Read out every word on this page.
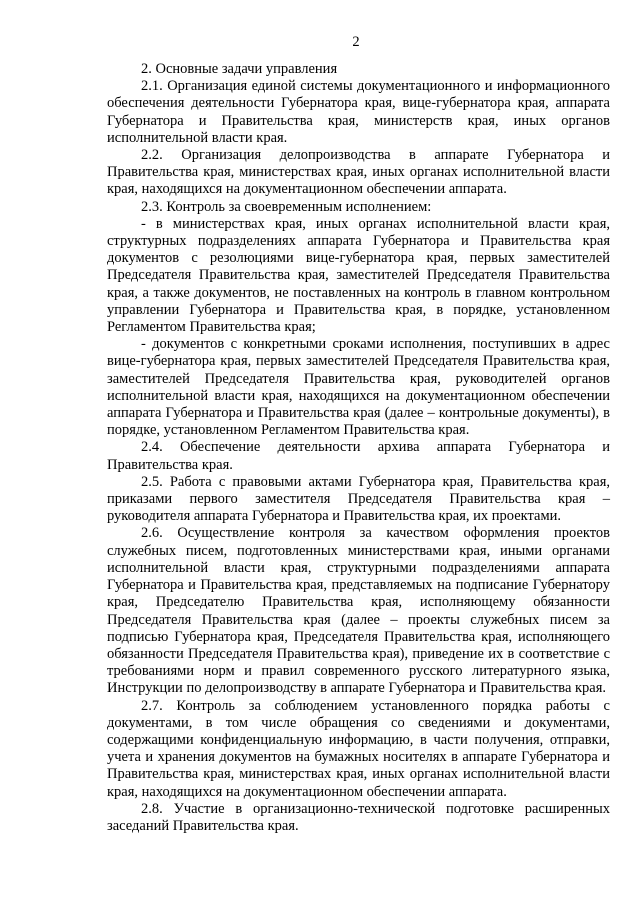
2

2. Основные задачи управления

2.1. Организация единой системы документационного и информационного обеспечения деятельности Губернатора края, вице-губернатора края, аппарата Губернатора и Правительства края, министерств края, иных органов исполнительной власти края.

2.2. Организация делопроизводства в аппарате Губернатора и Правительства края, министерствах края, иных органах исполнительной власти края, находящихся на документационном обеспечении аппарата.

2.3. Контроль за своевременным исполнением:

- в министерствах края, иных органах исполнительной власти края, структурных подразделениях аппарата Губернатора и Правительства края документов с резолюциями вице-губернатора края, первых заместителей Председателя Правительства края, заместителей Председателя Правительства края, а также документов, не поставленных на контроль в главном контрольном управлении Губернатора и Правительства края, в порядке, установленном Регламентом Правительства края;

- документов с конкретными сроками исполнения, поступивших в адрес вице-губернатора края, первых заместителей Председателя Правительства края, заместителей Председателя Правительства края, руководителей органов исполнительной власти края, находящихся на документационном обеспечении аппарата Губернатора и Правительства края (далее – контрольные документы), в порядке, установленном Регламентом Правительства края.

2.4. Обеспечение деятельности архива аппарата Губернатора и Правительства края.

2.5. Работа с правовыми актами Губернатора края, Правительства края, приказами первого заместителя Председателя Правительства края – руководителя аппарата Губернатора и Правительства края, их проектами.

2.6. Осуществление контроля за качеством оформления проектов служебных писем, подготовленных министерствами края, иными органами исполнительной власти края, структурными подразделениями аппарата Губернатора и Правительства края, представляемых на подписание Губернатору края, Председателю Правительства края, исполняющему обязанности Председателя Правительства края (далее – проекты служебных писем за подписью Губернатора края, Председателя Правительства края, исполняющего обязанности Председателя Правительства края), приведение их в соответствие с требованиями норм и правил современного русского литературного языка, Инструкции по делопроизводству в аппарате Губернатора и Правительства края.

2.7. Контроль за соблюдением установленного порядка работы с документами, в том числе обращения со сведениями и документами, содержащими конфиденциальную информацию, в части получения, отправки, учета и хранения документов на бумажных носителях в аппарате Губернатора и Правительства края, министерствах края, иных органах исполнительной власти края, находящихся на документационном обеспечении аппарата.

2.8. Участие в организационно-технической подготовке расширенных заседаний Правительства края.
